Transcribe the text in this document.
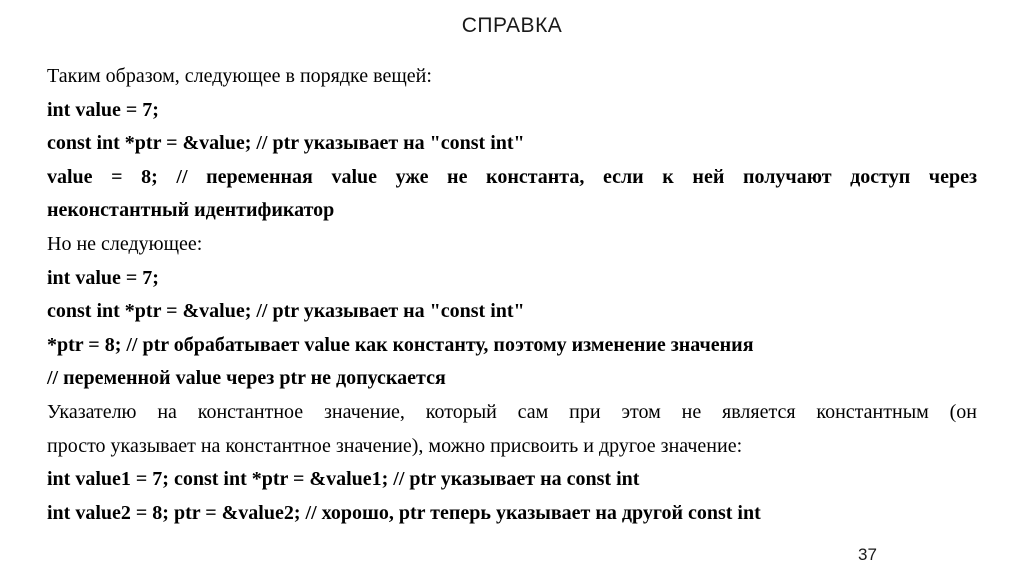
СПРАВКА
Таким образом, следующее в порядке вещей:
int value = 7;
const int *ptr = &value; // ptr указывает на "const int"
value = 8; // переменная value уже не константа, если к ней получают доступ через
неконстантный идентификатор
Но не следующее:
int value = 7;
const int *ptr = &value; // ptr указывает на "const int"
*ptr = 8; // ptr обрабатывает value как константу, поэтому изменение значения
// переменной value через ptr не допускается
Указателю на константное значение, который сам при этом не является константным (он
просто указывает на константное значение), можно присвоить и другое значение:
int value1 = 7; const int *ptr = &value1; // ptr указывает на const int
int value2 = 8; ptr = &value2; // хорошо, ptr теперь указывает на другой const int
37
